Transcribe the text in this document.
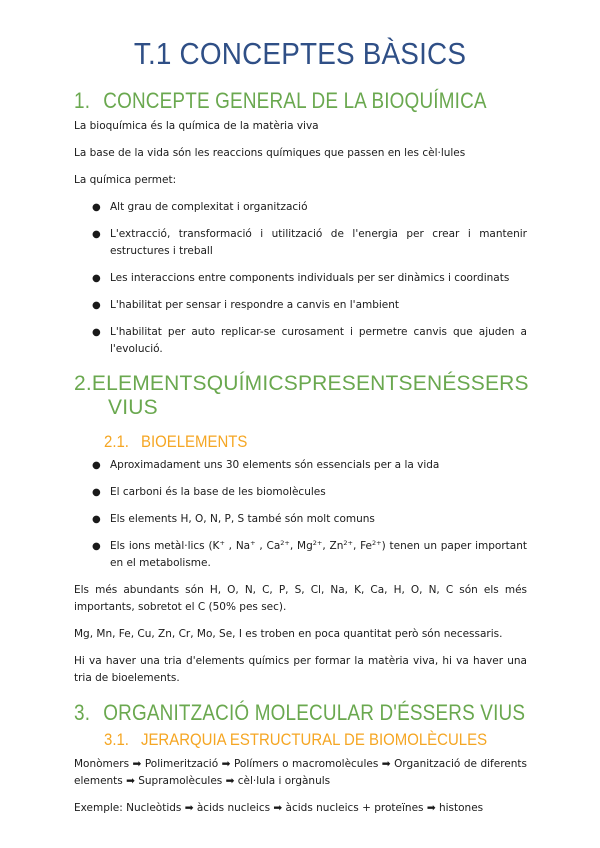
T.1 CONCEPTES BÀSICS
1. CONCEPTE GENERAL DE LA BIOQUÍMICA
La bioquímica és la química de la matèria viva
La base de la vida són les reaccions químiques que passen en les cèl·lules
La química permet:
● Alt grau de complexitat i organització
● L'extracció, transformació i utilització de l'energia per crear i mantenir estructures i treball
● Les interaccions entre components individuals per ser dinàmics i coordinats
● L'habilitat per sensar i respondre a canvis en l'ambient
● L'habilitat per auto replicar-se curosament i permetre canvis que ajuden a l'evolució.
2. ELEMENTS QUÍMICS PRESENTS EN ÉSSERS
VIUS
2.1. BIOELEMENTS
● Aproximadament uns 30 elements són essencials per a la vida
● El carboni és la base de les biomolècules
● Els elements H, O, N, P, S també són molt comuns
● Els ions metàl·lics (K+ , Na+ , $Ca^{2+}$, $Mg^{2+}$, $Zn^{2+}$, $Fe^{2+}$) tenen un paper important en el metabolisme.
Els més abundants són H, O, N, C, P, S, Cl, Na, K, Ca, H, O, N, C són els més importants, sobretot el C (50% pes sec).
Mg, Mn, Fe, Cu, Zn, Cr, Mo, Se, I es troben en poca quantitat però són necessaris.
Hi va haver una tria d'elements químics per formar la matèria viva, hi va haver una tria de bioelements.
3. ORGANITZACIÓ MOLECULAR D'ÉSSERS VIUS
3.1. JERARQUIA ESTRUCTURAL DE BIOMOLÈCULES
Monòmers ➡ Polimerització ➡ Polímers o macromolècules ➡ Organització de diferents elements ➡ Supramolècules ➡ cèl·lula i orgànuls
Exemple: Nucleòtids ➡ àcids nucleics ➡ àcids nucleics + proteïnes ➡ histones
